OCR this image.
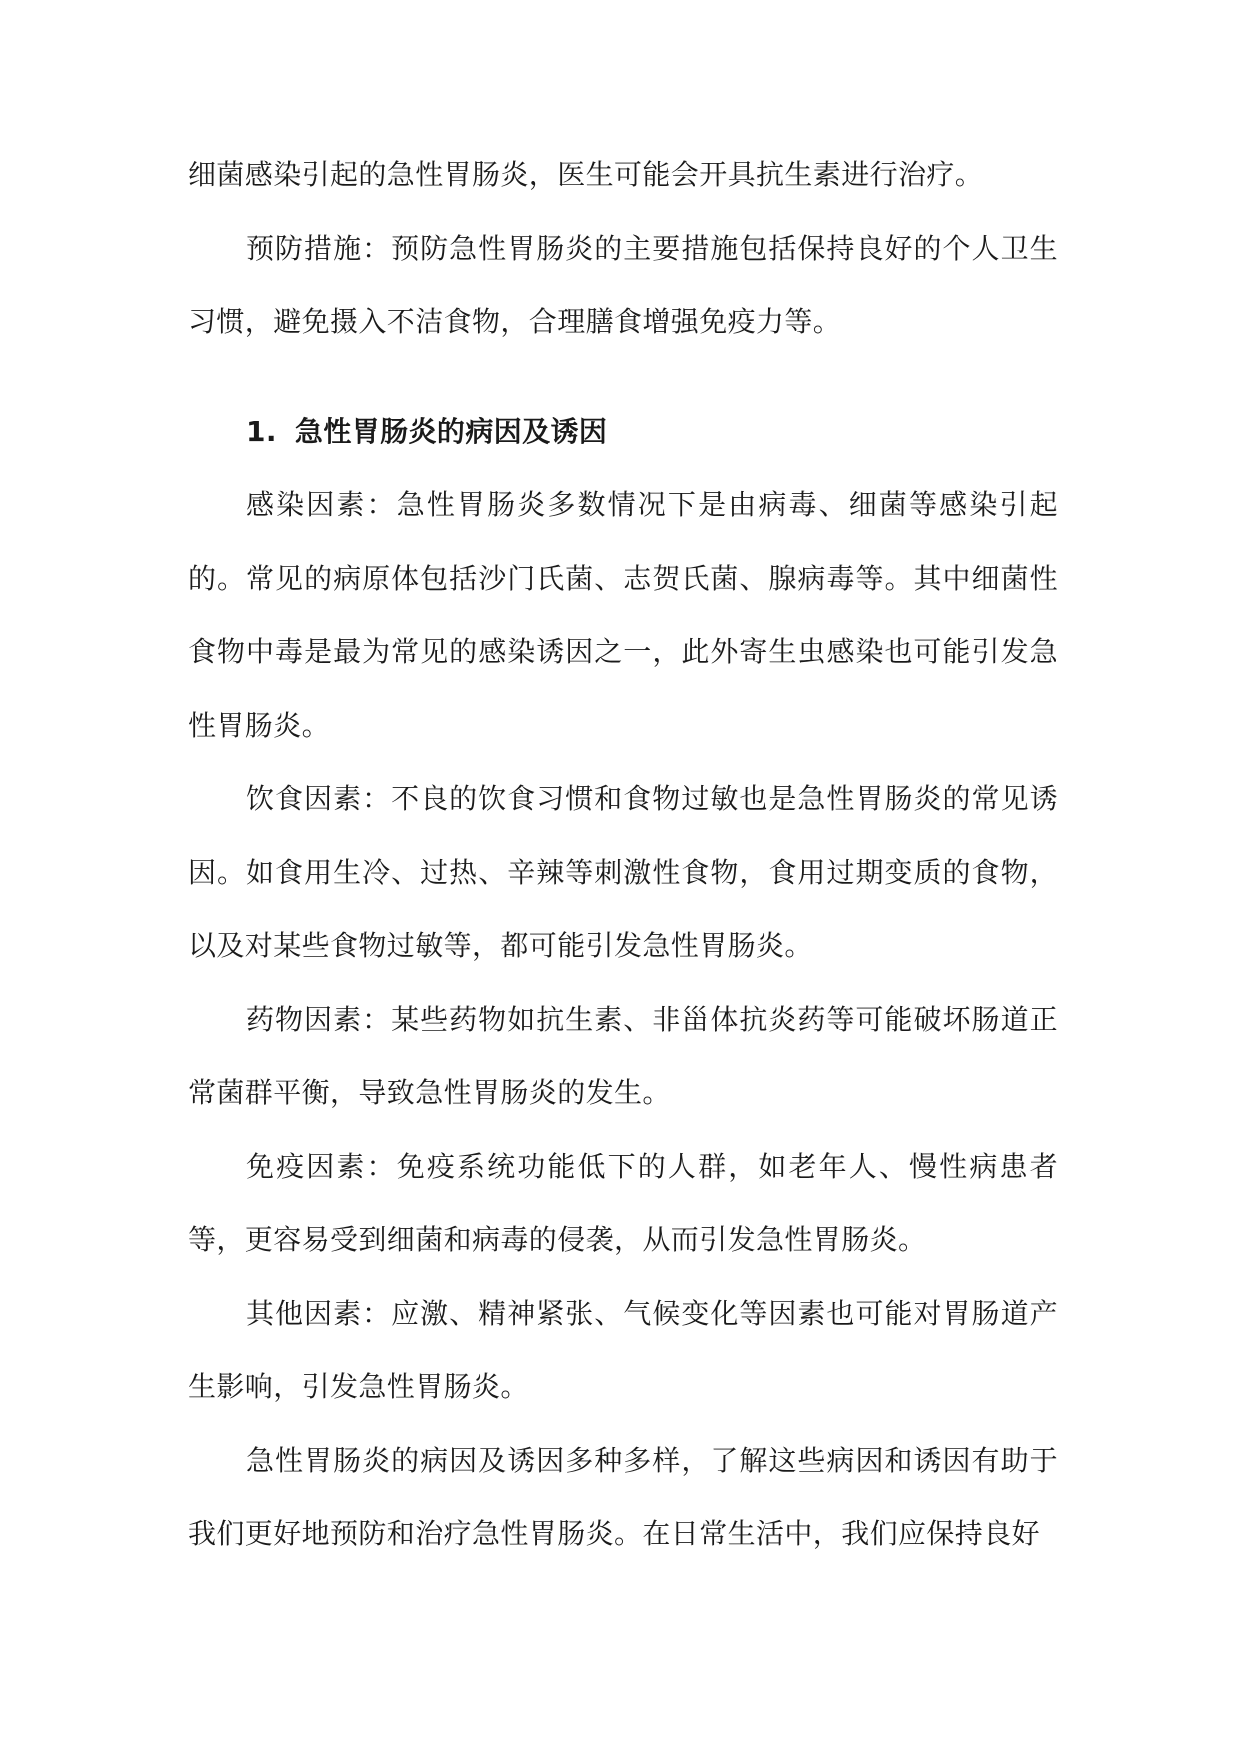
细菌感染引起的急性胃肠炎，医生可能会开具抗生素进行治疗。

预防措施：预防急性胃肠炎的主要措施包括保持良好的个人卫生习惯，避免摄入不洁食物，合理膳食增强免疫力等。

1. 急性胃肠炎的病因及诱因

感染因素：急性胃肠炎多数情况下是由病毒、细菌等感染引起的。常见的病原体包括沙门氏菌、志贺氏菌、腺病毒等。其中细菌性食物中毒是最为常见的感染诱因之一，此外寄生虫感染也可能引发急性胃肠炎。

饮食因素：不良的饮食习惯和食物过敏也是急性胃肠炎的常见诱因。如食用生冷、过热、辛辣等刺激性食物，食用过期变质的食物，以及对某些食物过敏等，都可能引发急性胃肠炎。

药物因素：某些药物如抗生素、非甾体抗炎药等可能破坏肠道正常菌群平衡，导致急性胃肠炎的发生。

免疫因素：免疫系统功能低下的人群，如老年人、慢性病患者等，更容易受到细菌和病毒的侵袭，从而引发急性胃肠炎。

其他因素：应激、精神紧张、气候变化等因素也可能对胃肠道产生影响，引发急性胃肠炎。

急性胃肠炎的病因及诱因多种多样，了解这些病因和诱因有助于我们更好地预防和治疗急性胃肠炎。在日常生活中，我们应保持良好
